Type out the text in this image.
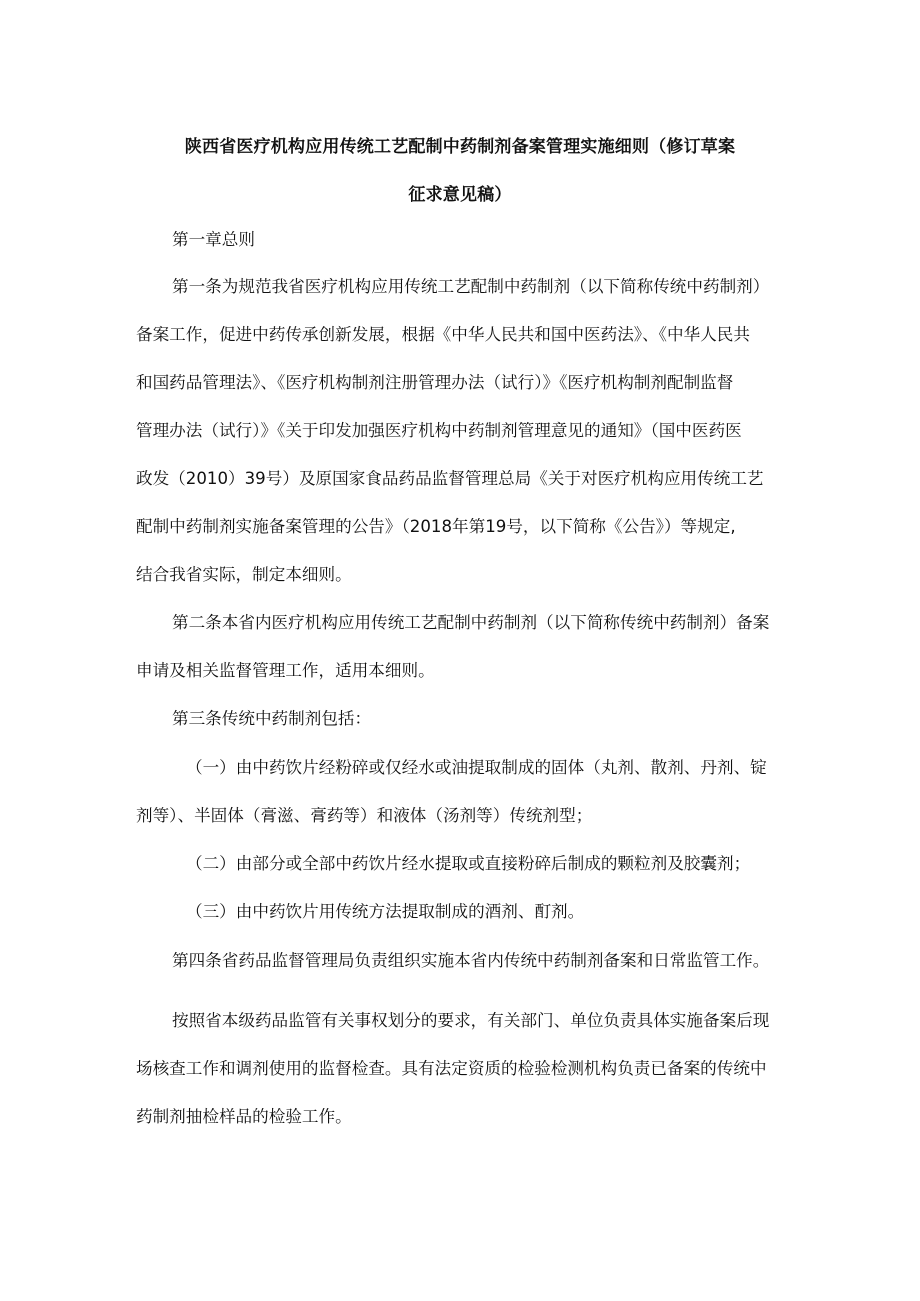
陕西省医疗机构应用传统工艺配制中药制剂备案管理实施细则（修订草案
征求意见稿）
第一章总则
第一条为规范我省医疗机构应用传统工艺配制中药制剂（以下简称传统中药制剂）
备案工作，促进中药传承创新发展，根据《中华人民共和国中医药法》、《中华人民共
和国药品管理法》、《医疗机构制剂注册管理办法（试行）》《医疗机构制剂配制监督
管理办法（试行）》《关于印发加强医疗机构中药制剂管理意见的通知》（国中医药医
政发（2010）39号）及原国家食品药品监督管理总局《关于对医疗机构应用传统工艺
配制中药制剂实施备案管理的公告》（2018年第19号，以下简称《公告》）等规定,
结合我省实际，制定本细则。
第二条本省内医疗机构应用传统工艺配制中药制剂（以下简称传统中药制剂）备案
申请及相关监督管理工作，适用本细则。
第三条传统中药制剂包括：
（一）由中药饮片经粉碎或仅经水或油提取制成的固体（丸剂、散剂、丹剂、锭
剂等）、半固体（膏滋、膏药等）和液体（汤剂等）传统剂型；
（二）由部分或全部中药饮片经水提取或直接粉碎后制成的颗粒剂及胶囊剂；
（三）由中药饮片用传统方法提取制成的酒剂、酊剂。
第四条省药品监督管理局负责组织实施本省内传统中药制剂备案和日常监管工作。
按照省本级药品监管有关事权划分的要求，有关部门、单位负责具体实施备案后现
场核查工作和调剂使用的监督检查。具有法定资质的检验检测机构负责已备案的传统中
药制剂抽检样品的检验工作。
